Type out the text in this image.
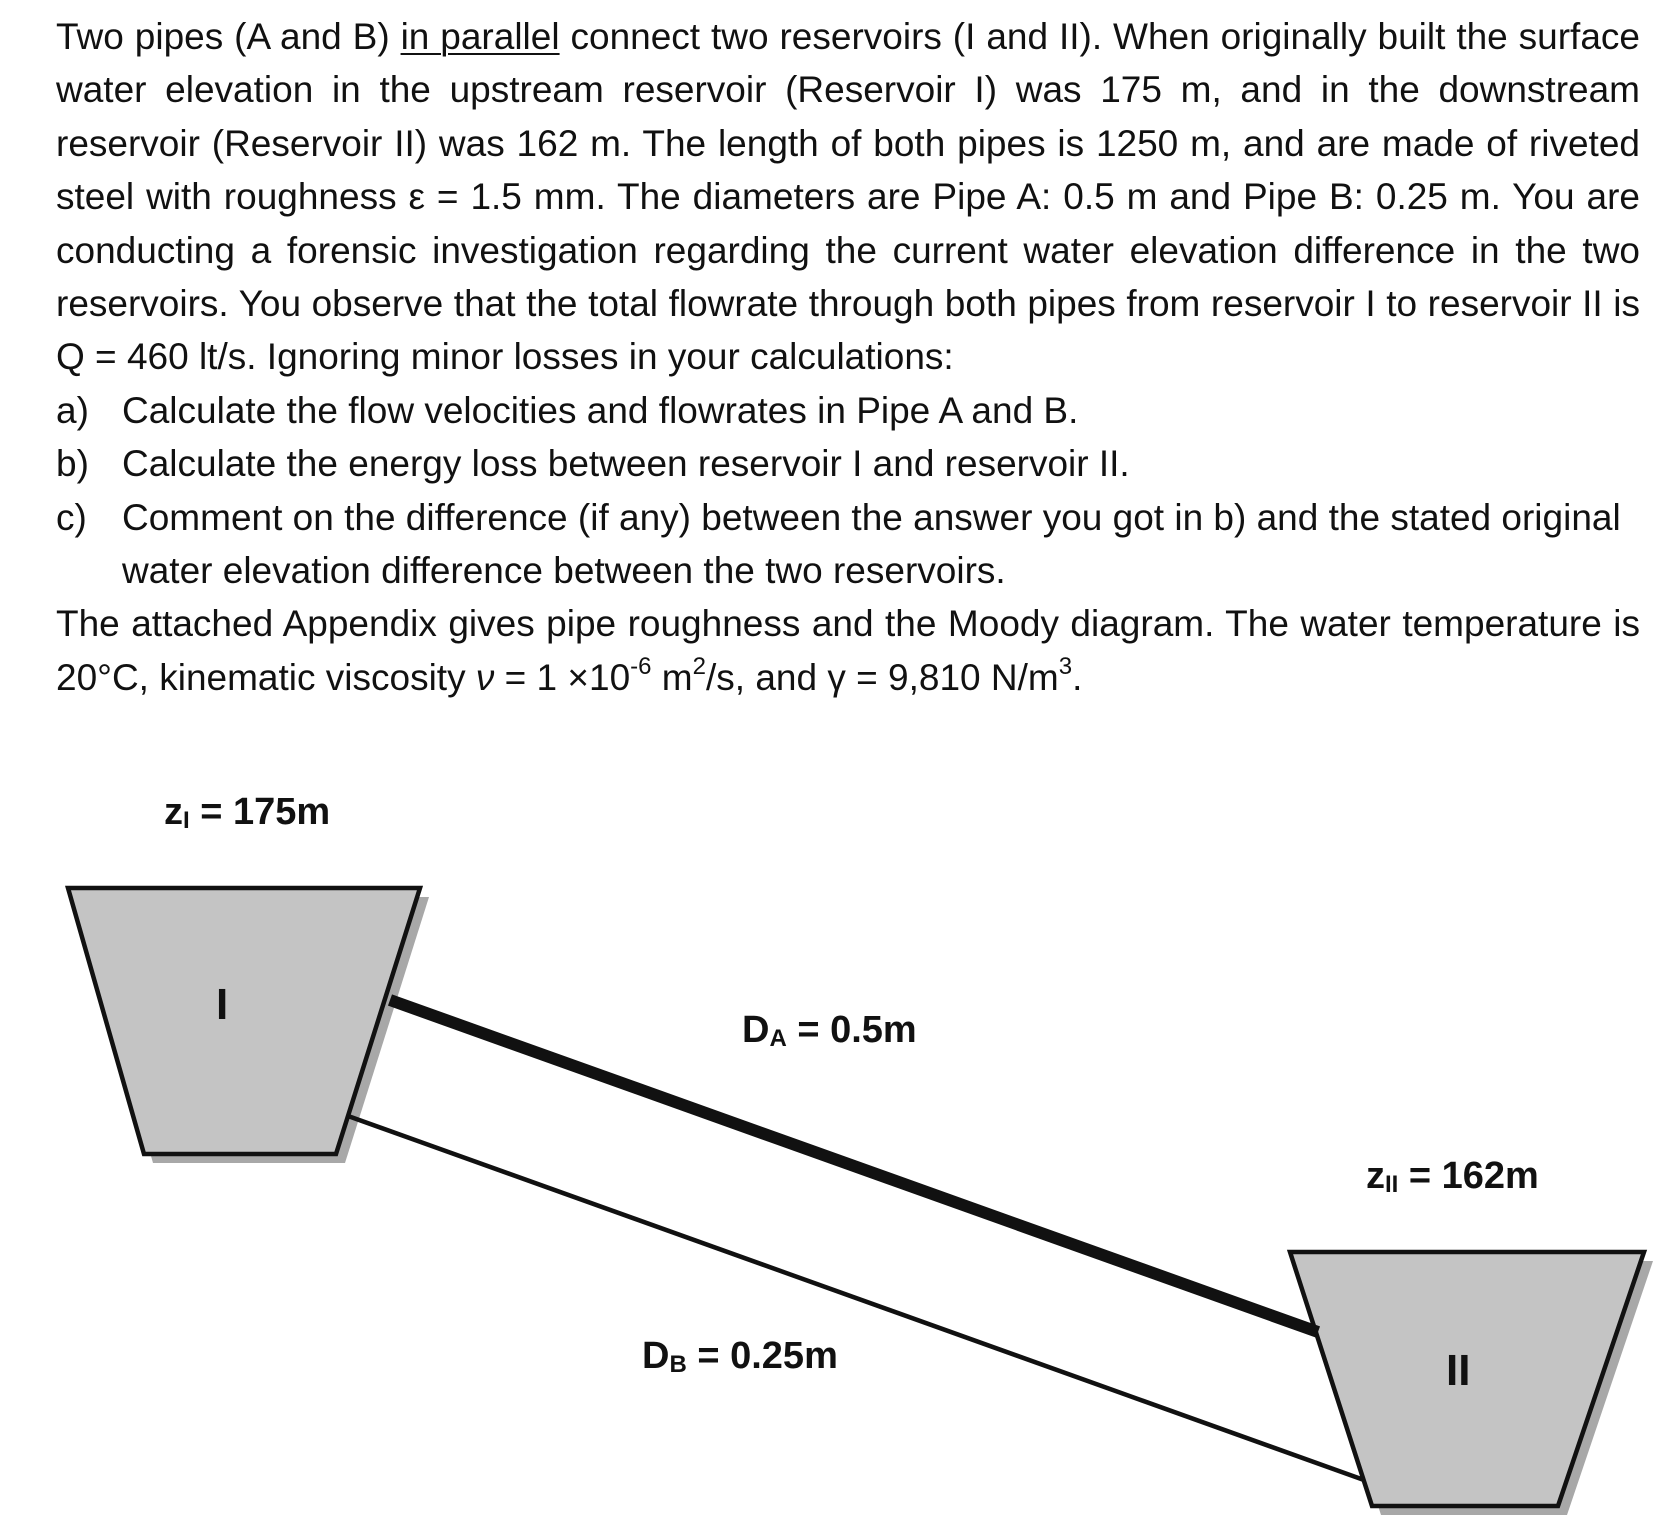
Two pipes (A and B) in parallel connect two reservoirs (I and II). When originally built the surface water elevation in the upstream reservoir (Reservoir I) was 175 m, and in the downstream reservoir (Reservoir II) was 162 m. The length of both pipes is 1250 m, and are made of riveted steel with roughness ε = 1.5 mm. The diameters are Pipe A: 0.5 m and Pipe B: 0.25 m. You are conducting a forensic investigation regarding the current water elevation difference in the two reservoirs. You observe that the total flowrate through both pipes from reservoir I to reservoir II is Q = 460 lt/s. Ignoring minor losses in your calculations:

a) Calculate the flow velocities and flowrates in Pipe A and B.
b) Calculate the energy loss between reservoir I and reservoir II.
c) Comment on the difference (if any) between the answer you got in b) and the stated original water elevation difference between the two reservoirs.

The attached Appendix gives pipe roughness and the Moody diagram. The water temperature is 20°C, kinematic viscosity $\nu = 1 \times 10^{-6}$ $m^2/s$, and γ = 9,810 $N/m^3$.

$z_I = 175m$
$z_{II} = 162m$
$D_A = 0.5m$
$D_B = 0.25m$
I
II
